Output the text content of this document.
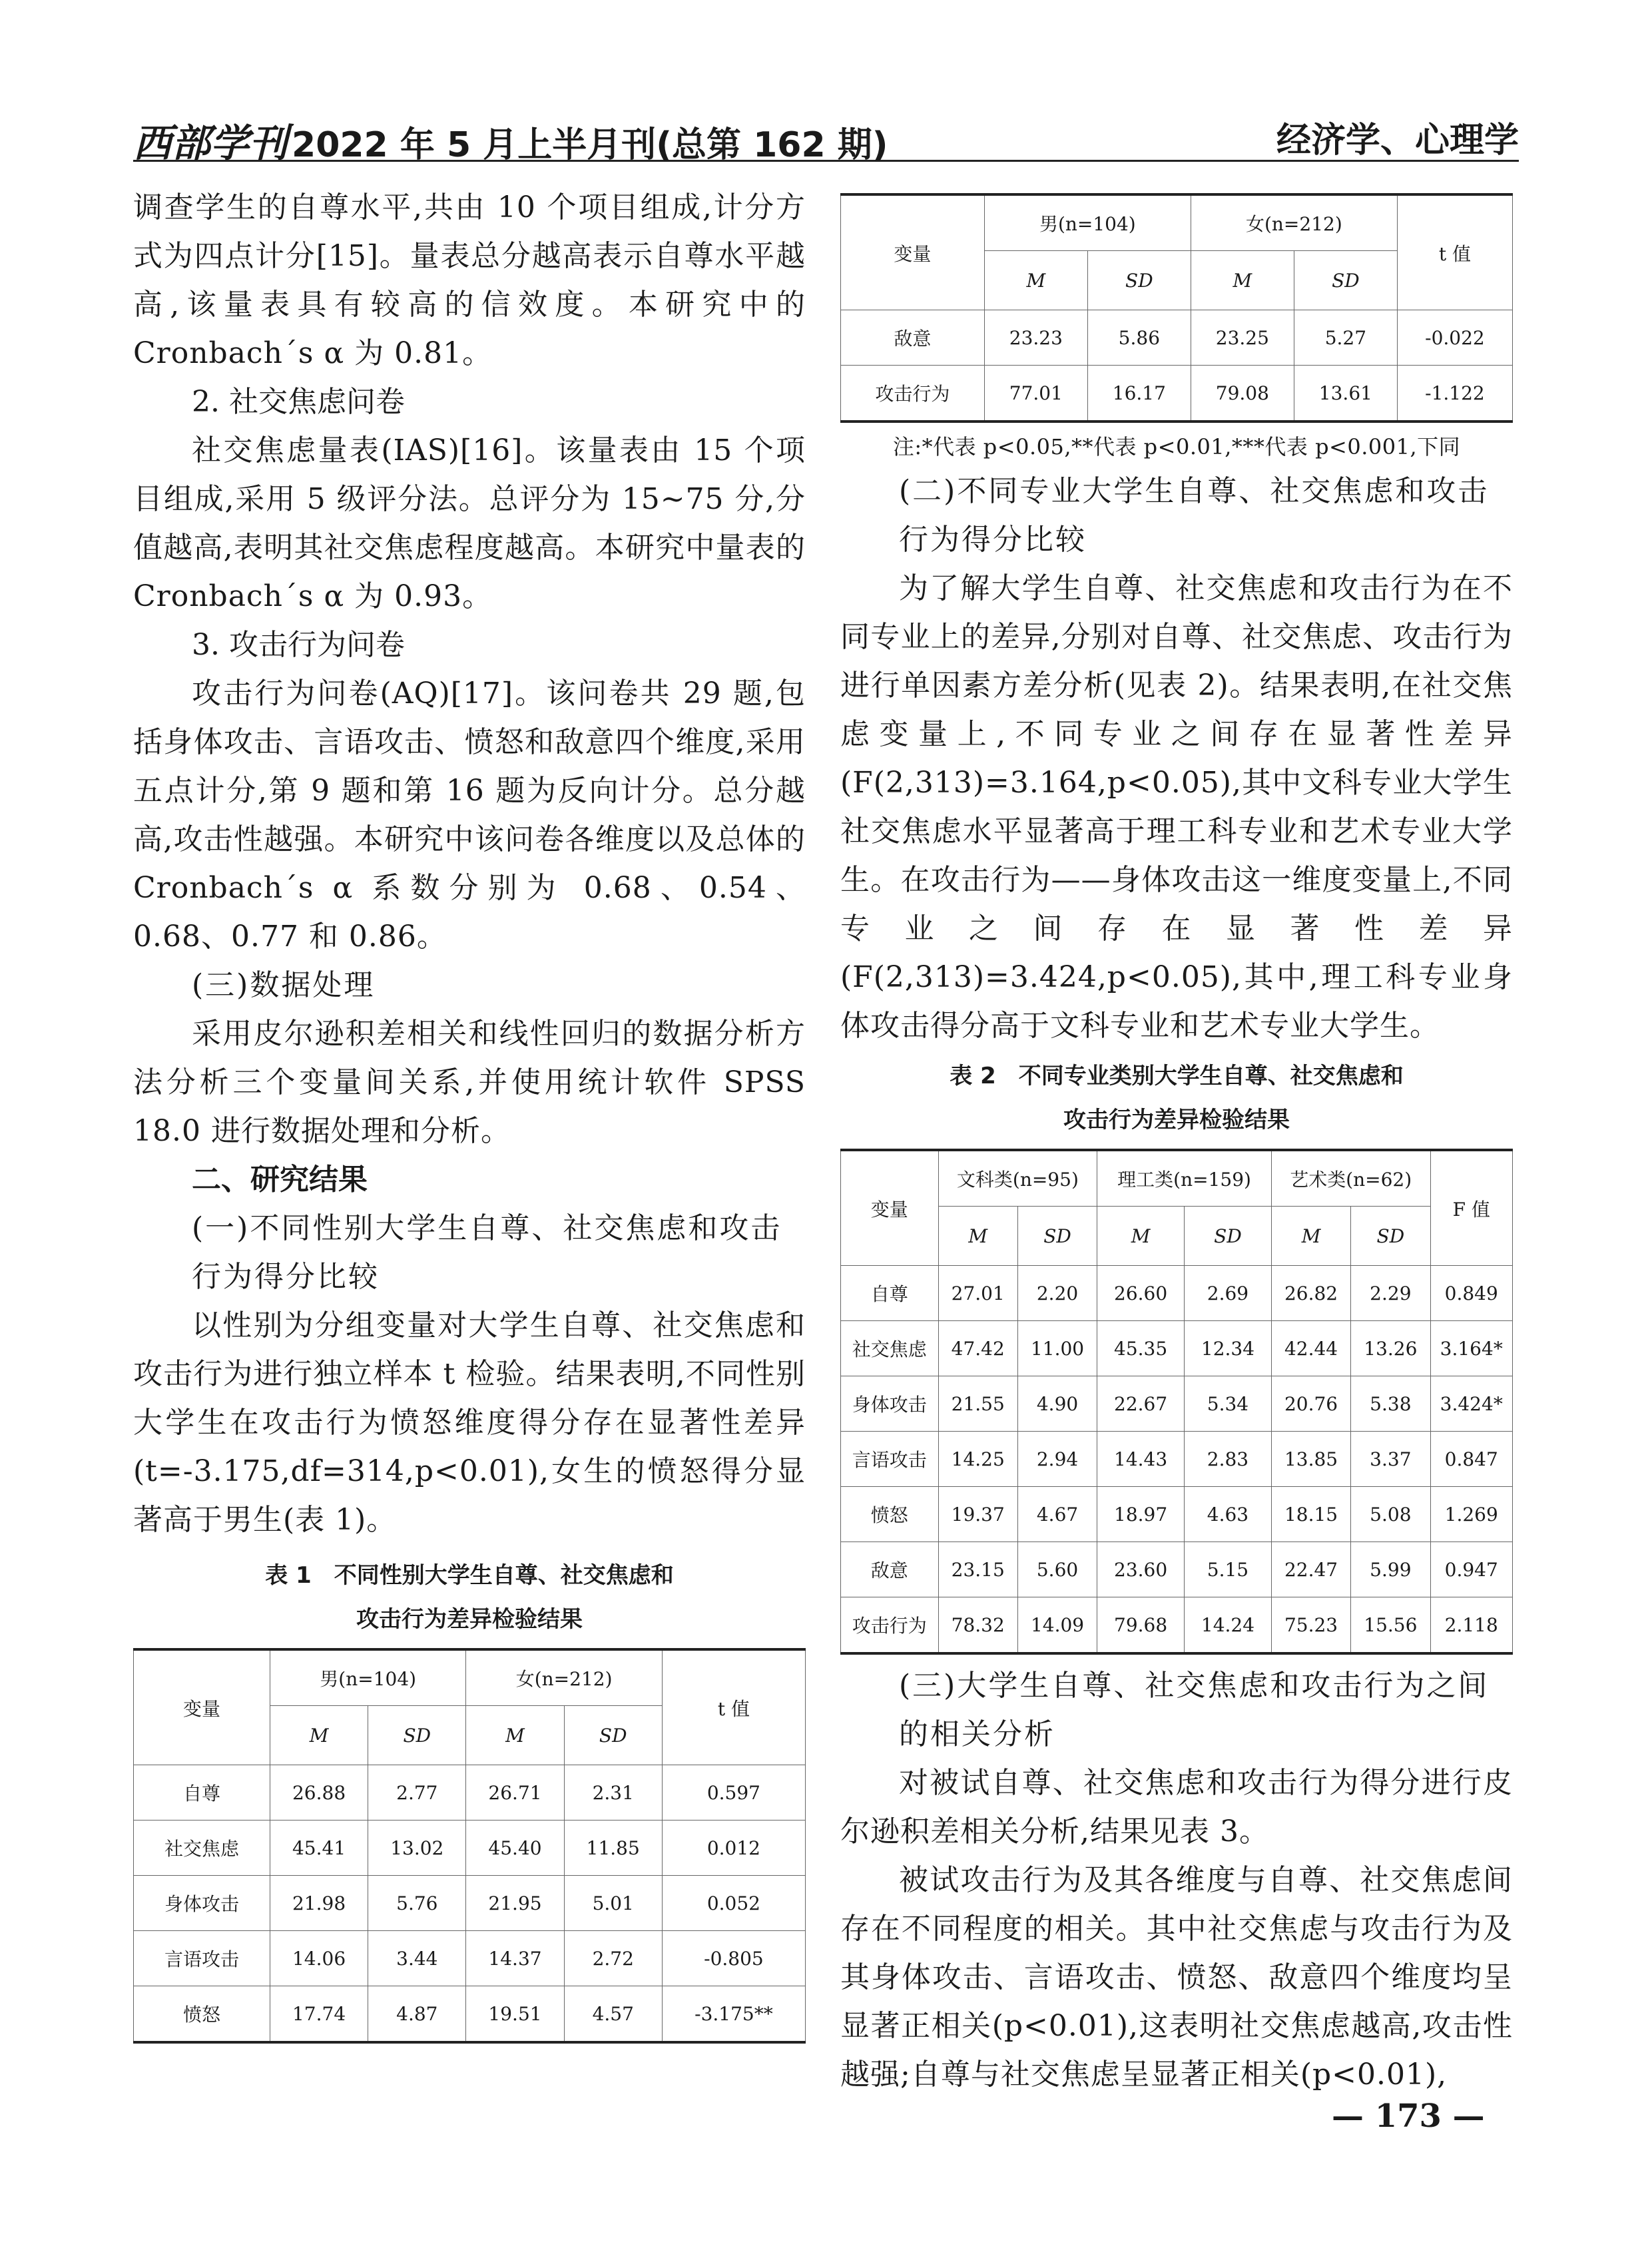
西部学刊 2022 年 5 月上半月刊(总第 162 期)	经济学、心理学

调查学生的自尊水平,共由 10 个项目组成,计分方式为四点计分[15]。量表总分越高表示自尊水平越高,该量表具有较高的信效度。本研究中的 Cronbach´s α 为 0.81。

2. 社交焦虑问卷

社交焦虑量表(IAS)[16]。该量表由 15 个项目组成,采用 5 级评分法。总评分为 15~75 分,分值越高,表明其社交焦虑程度越高。本研究中量表的 Cronbach´s α 为 0.93。

3. 攻击行为问卷

攻击行为问卷(AQ)[17]。该问卷共 29 题,包括身体攻击、言语攻击、愤怒和敌意四个维度,采用五点计分,第 9 题和第 16 题为反向计分。总分越高,攻击性越强。本研究中该问卷各维度以及总体的 Cronbach´s α 系数分别为 0.68、0.54、0.68、0.77 和 0.86。

(三)数据处理

采用皮尔逊积差相关和线性回归的数据分析方法分析三个变量间关系,并使用统计软件 SPSS 18.0 进行数据处理和分析。

二、研究结果
(一)不同性别大学生自尊、社交焦虑和攻击行为得分比较

以性别为分组变量对大学生自尊、社交焦虑和攻击行为进行独立样本 t 检验。结果表明,不同性别大学生在攻击行为愤怒维度得分存在显著性差异(t=-3.175,df=314,p<0.01),女生的愤怒得分显著高于男生(表 1)。

表 1　不同性别大学生自尊、社交焦虑和
攻击行为差异检验结果
变量	男(n=104)		女(n=212)		t 值
	M	SD	M	SD	
自尊	26.88	2.77	26.71	2.31	0.597
社交焦虑	45.41	13.02	45.40	11.85	0.012
身体攻击	21.98	5.76	21.95	5.01	0.052
言语攻击	14.06	3.44	14.37	2.72	-0.805
愤怒	17.74	4.87	19.51	4.57	-3.175**
变量	男(n=104)		女(n=212)		t 值
	M	SD	M	SD	
敌意	23.23	5.86	23.25	5.27	-0.022
攻击行为	77.01	16.17	79.08	13.61	-1.122
注:*代表 p<0.05,**代表 p<0.01,***代表 p<0.001,下同
(二)不同专业大学生自尊、社交焦虑和攻击行为得分比较

为了解大学生自尊、社交焦虑和攻击行为在不同专业上的差异,分别对自尊、社交焦虑、攻击行为进行单因素方差分析(见表 2)。结果表明,在社交焦虑变量上,不同专业之间存在显著性差异(F(2,313)=3.164,p<0.05),其中文科专业大学生社交焦虑水平显著高于理工科专业和艺术专业大学生。在攻击行为——身体攻击这一维度变量上,不同专业之间存在显著性差异(F(2,313)=3.424,p<0.05),其中,理工科专业身体攻击得分高于文科专业和艺术专业大学生。

表 2　不同专业类别大学生自尊、社交焦虑和
攻击行为差异检验结果
变量	文科类(n=95)		理工类(n=159)		艺术类(n=62)		F 值
	M	SD	M	SD	M	SD	
自尊	27.01	2.20	26.60	2.69	26.82	2.29	0.849
社交焦虑	47.42	11.00	45.35	12.34	42.44	13.26	3.164*
身体攻击	21.55	4.90	22.67	5.34	20.76	5.38	3.424*
言语攻击	14.25	2.94	14.43	2.83	13.85	3.37	0.847
愤怒	19.37	4.67	18.97	4.63	18.15	5.08	1.269
敌意	23.15	5.60	23.60	5.15	22.47	5.99	0.947
攻击行为	78.32	14.09	79.68	14.24	75.23	15.56	2.118
(三)大学生自尊、社交焦虑和攻击行为之间的相关分析

对被试自尊、社交焦虑和攻击行为得分进行皮尔逊积差相关分析,结果见表 3。

被试攻击行为及其各维度与自尊、社交焦虑间存在不同程度的相关。其中社交焦虑与攻击行为及其身体攻击、言语攻击、愤怒、敌意四个维度均呈显著正相关(p<0.01),这表明社交焦虑越高,攻击性越强;自尊与社交焦虑呈显著正相关(p<0.01),

— 173 —
